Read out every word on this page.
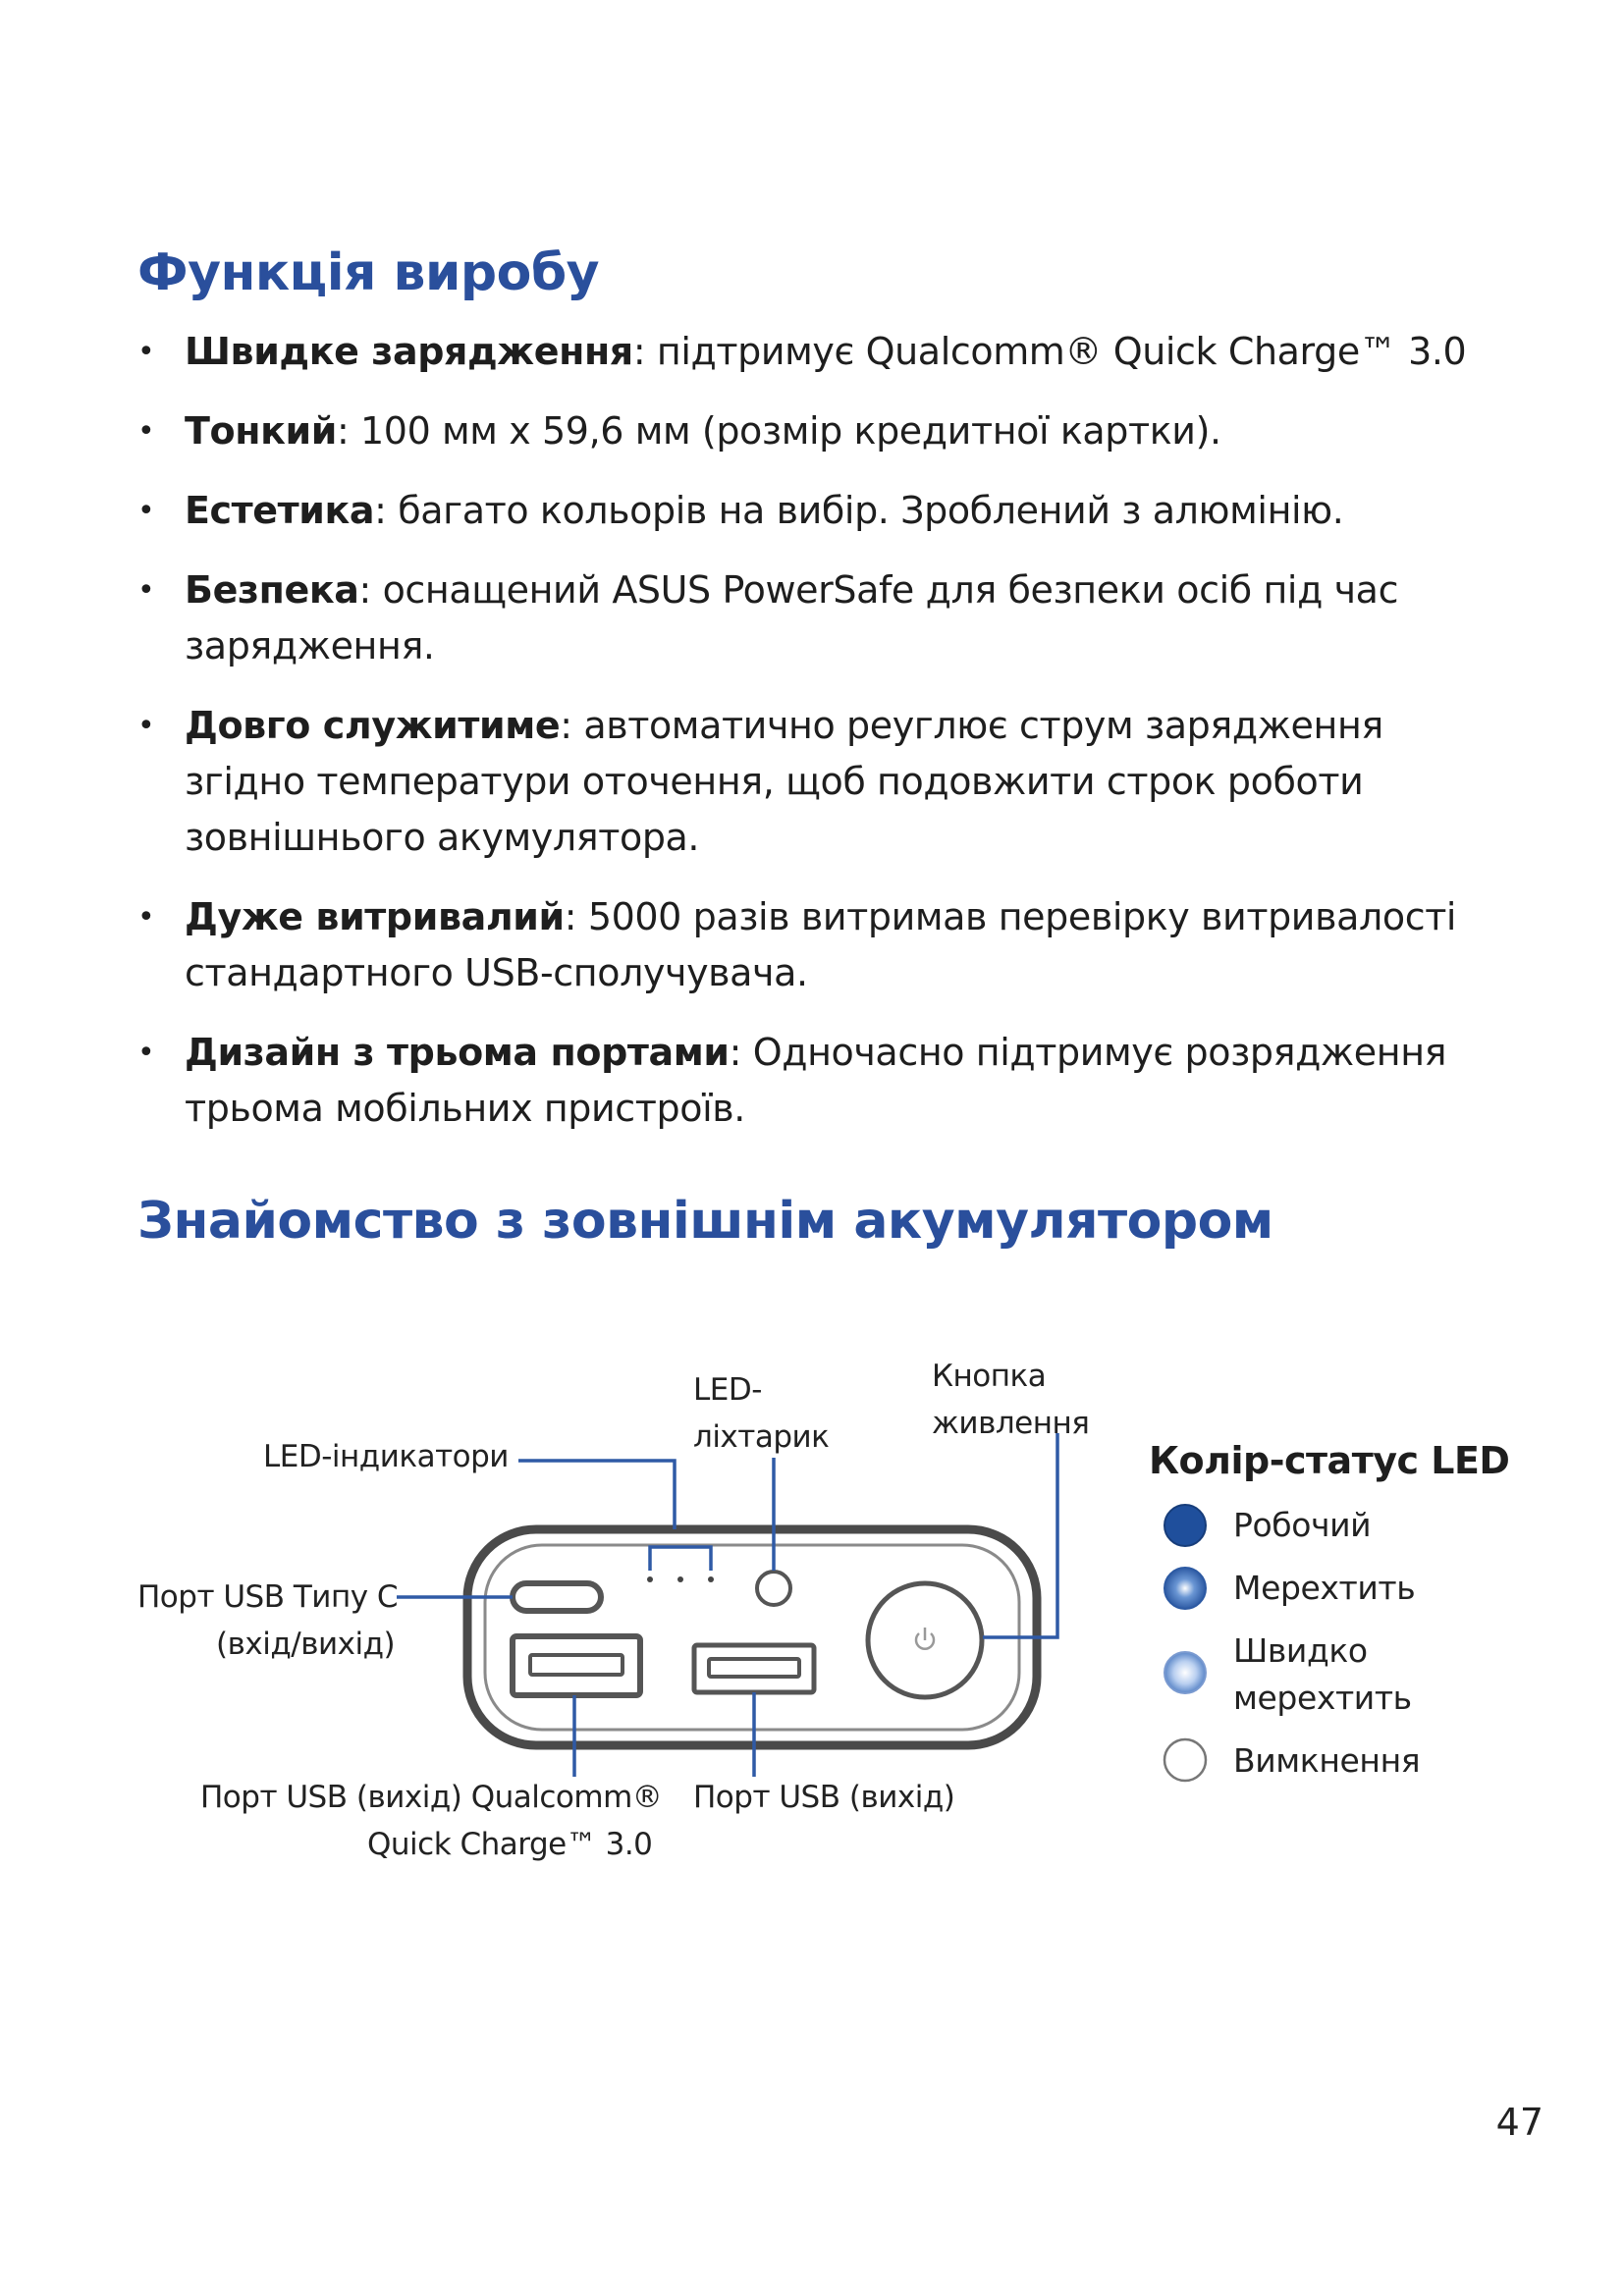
Функція виробу
• Швидке зарядження: підтримує Qualcomm® Quick Charge™ 3.0
• Тонкий: 100 мм x 59,6 мм (розмір кредитної картки).
• Естетика: багато кольорів на вибір. Зроблений з алюмінію.
• Безпека: оснащений ASUS PowerSafe для безпеки осіб під час зарядження.
• Довго служитиме: автоматично реуглює струм зарядження згідно температури оточення, щоб подовжити строк роботи зовнішнього акумулятора.
• Дуже витривалий: 5000 разів витримав перевірку витривалості стандартного USB-сполучувача.
• Дизайн з трьома портами: Одночасно підтримує розрядження трьома мобільних пристроїв.
Знайомство з зовнішнім акумулятором
LED-індикатори
LED-
ліхтарик
Кнопка
живлення
Порт USB Типу С
(вхід/вихід)
Порт USB (вихід) Qualcomm®
Quick Charge™ 3.0
Порт USB (вихід)
Колір-статус LED
Робочий
Мерехтить
Швидко
мерехтить
Вимкнення
47
